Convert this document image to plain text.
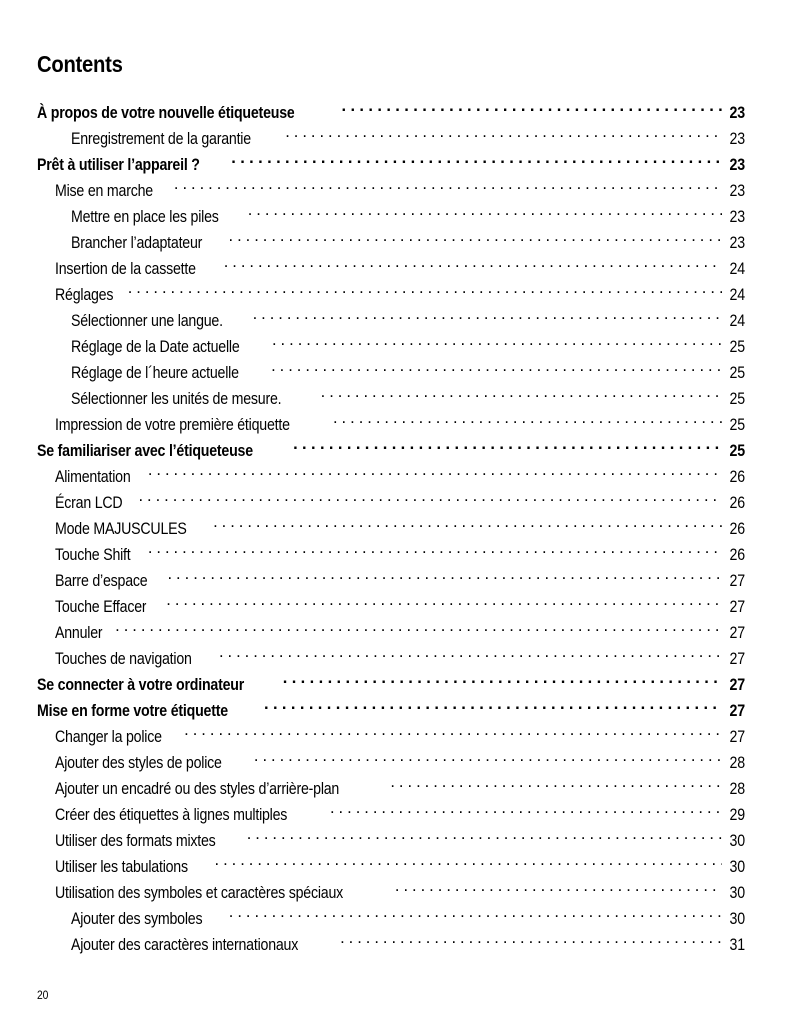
Contents
À propos de votre nouvelle étiqueteuse . . .	23
Enregistrement de la garantie . . .	23
Prêt à utiliser l’appareil ? . . .	23
Mise en marche . . .	23
Mettre en place les piles . . .	23
Brancher l’adaptateur . . .	23
Insertion de la cassette . . .	24
Réglages . . .	24
Sélectionner une langue. . . .	24
Réglage de la Date actuelle . . .	25
Réglage de l´heure actuelle . . .	25
Sélectionner les unités de mesure. . . .	25
Impression de votre première étiquette . . .	25
Se familiariser avec l’étiqueteuse . . .	25
Alimentation . . .	26
Écran LCD . . .	26
Mode MAJUSCULES . . .	26
Touche Shift . . .	26
Barre d’espace . . .	27
Touche Effacer . . .	27
Annuler . . .	27
Touches de navigation . . .	27
Se connecter à votre ordinateur . . .	27
Mise en forme votre étiquette . . .	27
Changer la police . . .	27
Ajouter des styles de police . . .	28
Ajouter un encadré ou des styles d’arrière-plan . . .	28
Créer des étiquettes à lignes multiples . . .	29
Utiliser des formats mixtes . . .	30
Utiliser les tabulations . . .	30
Utilisation des symboles et caractères spéciaux . . .	30
Ajouter des symboles . . .	30
Ajouter des caractères internationaux . . .	31
20
